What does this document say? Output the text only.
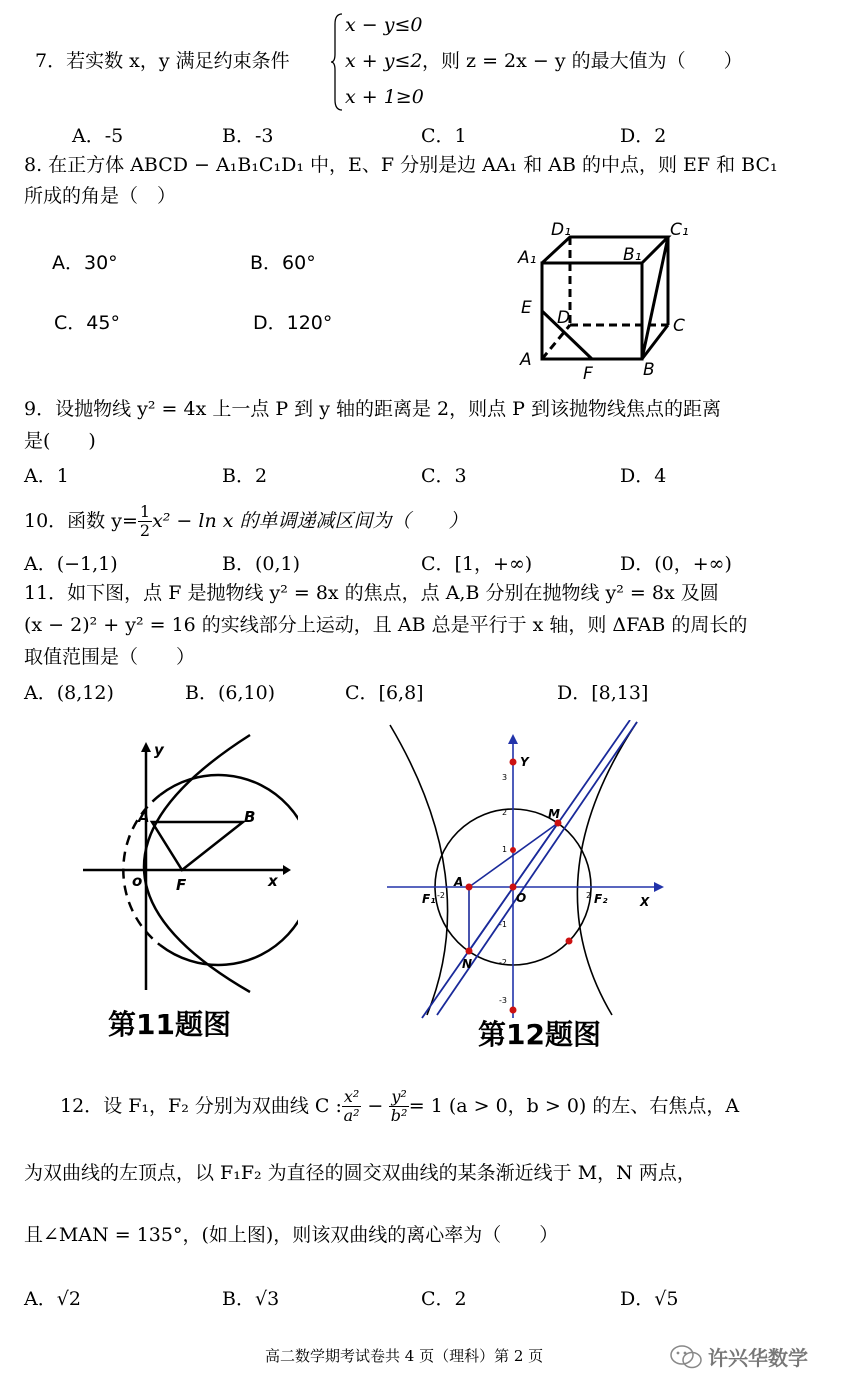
7．若实数 x，y 满足约束条件
x − y≤0
x + y≤2
x + 1≥0
，则 z = 2x − y 的最大值为（　　）
A．-5	B．-3	C．1	D．2
8. 在正方体 ABCD − A₁B₁C₁D₁ 中，E、F 分别是边 AA₁ 和 AB 的中点，则 EF 和 BC₁
所成的角是（　）
A．30°	B．60°
C．45°	D．120°
D₁	C₁
A₁	B₁
E D	C
A
F	B
9．设抛物线 y² = 4x 上一点 P 到 y 轴的距离是 2，则点 P 到该抛物线焦点的距离
是(　　)
A．1	B．2	C．3	D．4
10．函数 $y= \frac{1}{2} x^2 - \ln x$ 的单调递减区间为（　　）
A．(−1,1)	B．(0,1)	C．[1，+∞)	D．(0，+∞)
11．如下图，点 F 是抛物线 y² = 8x 的焦点，点 A,B 分别在抛物线 y² = 8x 及圆
(x − 2)² + y² = 16 的实线部分上运动，且 AB 总是平行于 x 轴，则 ΔFAB 的周长的
取值范围是（　　）
A．(8,12)	B．(6,10)	C．[6,8]	D．[8,13]
y
A	B
o F	x
第11题图
3
2
1
-1
-2
-3
-2	2
Y
M
A
O
F₁	F₂	X
N
第12题图
12．设 F₁，F₂ 分别为双曲线 C : $\frac{\text{x²}}{\text{a²}} - \frac{\text{y²}}{\text{b²}} = 1$ (a > 0，b > 0) 的左、右焦点，A
为双曲线的左顶点，以 F₁F₂ 为直径的圆交双曲线的某条渐近线于 M，N 两点，
且∠MAN = 135°，(如上图)，则该双曲线的离心率为（　　）
A．√2	B．√3	C．2	D．√5
高二数学期考试卷共 4 页（理科）第 2 页	许兴华数学
